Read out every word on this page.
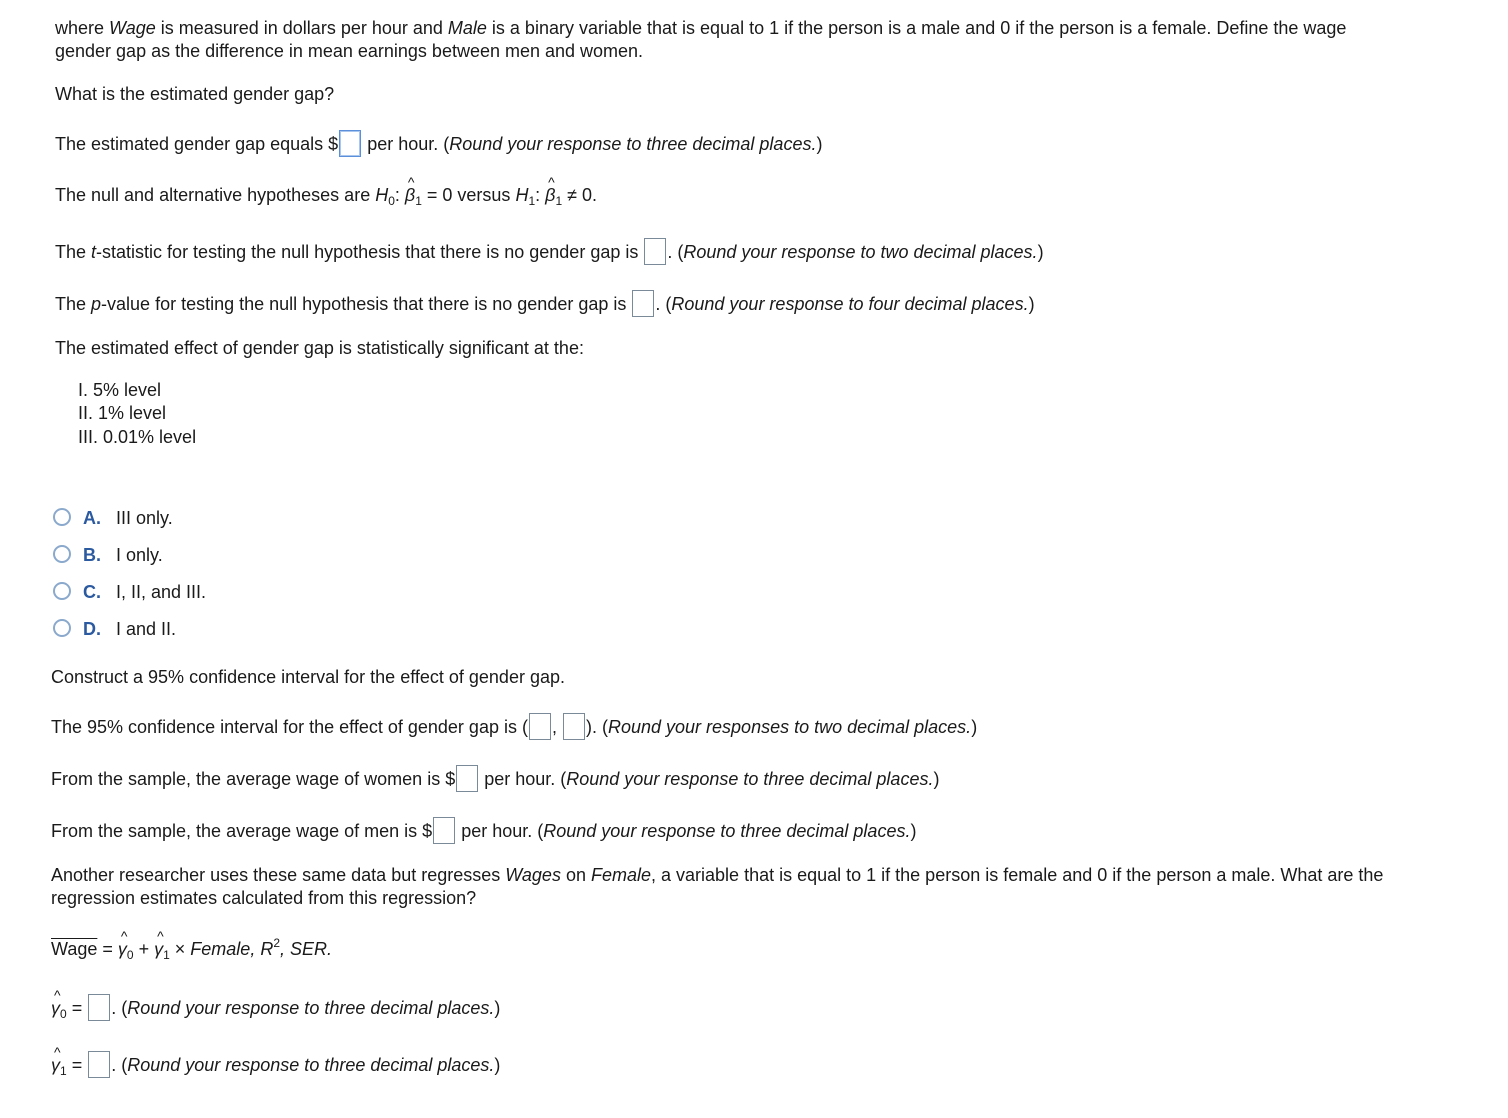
where Wage is measured in dollars per hour and Male is a binary variable that is equal to 1 if the person is a male and 0 if the person is a female. Define the wage
gender gap as the difference in mean earnings between men and women.
What is the estimated gender gap?
The estimated gender gap equals $ per hour. (Round your response to three decimal places.)
The null and alternative hypotheses are $H_0$: ^ $\beta_1 = 0$ versus $H_1$: ^ $\beta_1 \ne 0$.
The t-statistic for testing the null hypothesis that there is no gender gap is . (Round your response to two decimal places.)
The p-value for testing the null hypothesis that there is no gender gap is . (Round your response to four decimal places.)
The estimated effect of gender gap is statistically significant at the:
I. 5% level
II. 1% level
III. 0.01% level
A. III only.
B. I only.
C. I, II, and III.
D. I and II.
Construct a 95% confidence interval for the effect of gender gap.
The 95% confidence interval for the effect of gender gap is ( , ). (Round your responses to two decimal places.)
From the sample, the average wage of women is $ per hour. (Round your response to three decimal places.)
From the sample, the average wage of men is $ per hour. (Round your response to three decimal places.)
Another researcher uses these same data but regresses Wages on Female, a variable that is equal to 1 if the person is female and 0 if the person a male. What are the
regression estimates calculated from this regression?
Wage = ^ $\gamma_0$ + ^ $\gamma_1$ × Female, $R^2$, SER.
^ $\gamma_0$ = . (Round your response to three decimal places.)
^ $\gamma_1$ = . (Round your response to three decimal places.)
